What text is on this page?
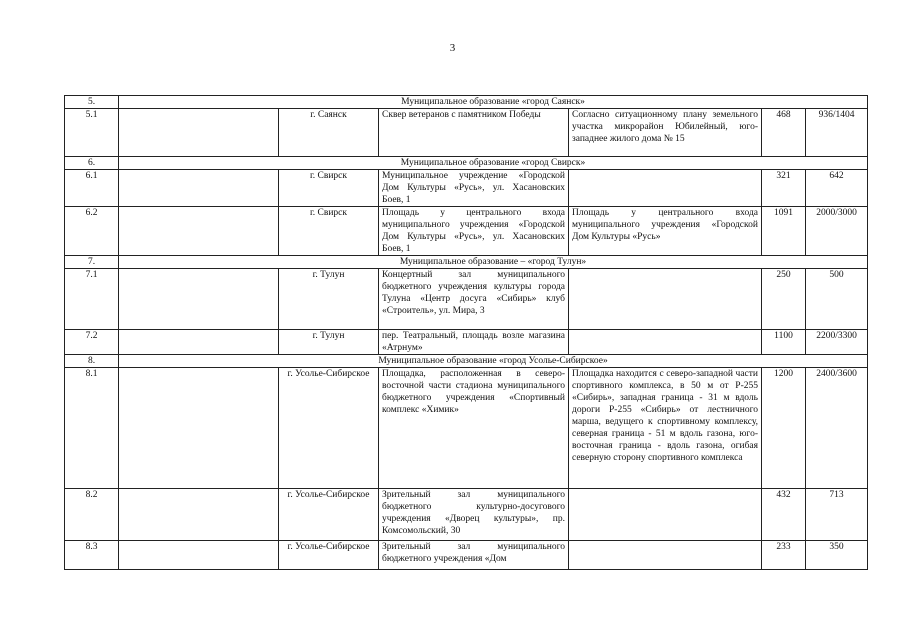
3
5.	Муниципальное образование «город Саянск»					
5.1		г. Саянск	Сквер ветеранов с памятником Победы	Согласно ситуационному плану земельного участка микрорайон Юбилейный, юго-западнее жилого дома № 15	468	936/1404
6.	Муниципальное образование «город Свирск»					
6.1		г. Свирск	Муниципальное учреждение «Городской Дом Культуры «Русь», ул. Хасановских Боев, 1		321	642
6.2		г. Свирск	Площадь у центрального входа муниципального учреждения «Городской Дом Культуры «Русь», ул. Хасановских Боев, 1	Площадь у центрального входа муниципального учреждения «Городской Дом Культуры «Русь»	1091	2000/3000
7.	Муниципальное образование – «город Тулун»					
7.1		г. Тулун	Концертный зал муниципального бюджетного учреждения культуры города Тулуна «Центр досуга «Сибирь» клуб «Строитель», ул. Мира, 3		250	500
7.2		г. Тулун	пер. Театральный, площадь возле магазина «Атрнум»		1100	2200/3300
8.	Муниципальное образование «город Усолье-Сибирское»					
8.1		г. Усолье-Сибирское	Площадка, расположенная в северо-восточной части стадиона муниципального бюджетного учреждения «Спортивный комплекс «Химик»	Площадка находится с северо-западной части спортивного комплекса, в 50 м от Р-255 «Сибирь», западная граница - 31 м вдоль дороги Р-255 «Сибирь» от лестничного марша, ведущего к спортивному комплексу, северная граница - 51 м вдоль газона, юго-восточная граница - вдоль газона, огибая северную сторону спортивного комплекса	1200	2400/3600
8.2		г. Усолье-Сибирское	Зрительный зал муниципального бюджетного культурно-досугового учреждения «Дворец культуры», пр. Комсомольский, 30		432	713
8.3		г. Усолье-Сибирское	Зрительный зал муниципального бюджетного учреждения «Дом		233	350
